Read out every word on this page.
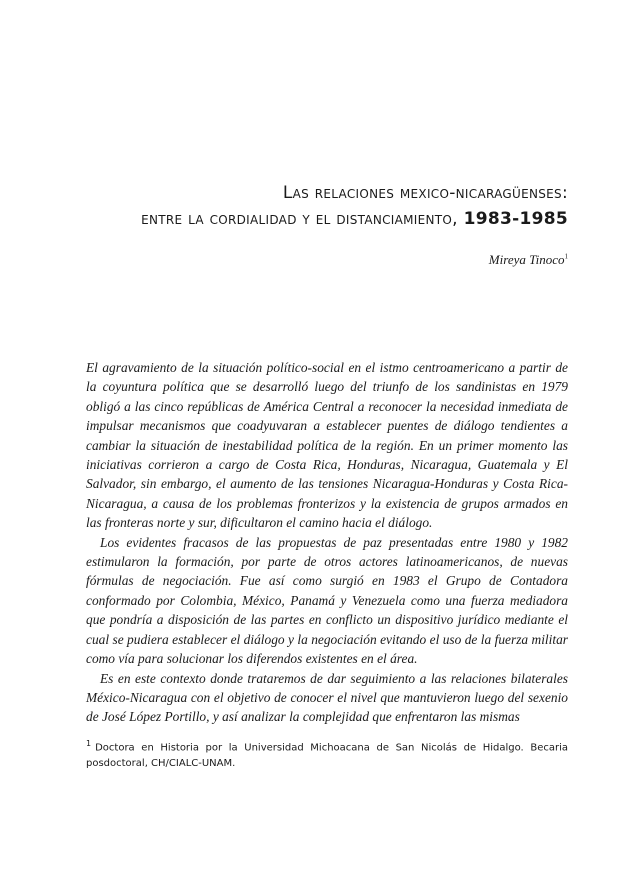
Las relaciones mexico-nicaragüenses:
entre la cordialidad y el distanciamiento, 1983-1985
Mireya Tinoco$^1$

El agravamiento de la situación político-social en el istmo centroamericano a partir de la coyuntura política que se desarrolló luego del triunfo de los sandinistas en 1979 obligó a las cinco repúblicas de América Central a reconocer la necesidad inmediata de impulsar mecanismos que coadyuvaran a establecer puentes de diálogo tendientes a cambiar la situación de inestabilidad política de la región. En un primer momento las iniciativas corrieron a cargo de Costa Rica, Honduras, Nicaragua, Guatemala y El Salvador, sin embargo, el aumento de las tensiones Nicaragua-Honduras y Costa Rica-Nicaragua, a causa de los problemas fronterizos y la existencia de grupos armados en las fronteras norte y sur, dificultaron el camino hacia el diálogo.

Los evidentes fracasos de las propuestas de paz presentadas entre 1980 y 1982 estimularon la formación, por parte de otros actores latinoamericanos, de nuevas fórmulas de negociación. Fue así como surgió en 1983 el Grupo de Contadora conformado por Colombia, México, Panamá y Venezuela como una fuerza mediadora que pondría a disposición de las partes en conflicto un dispositivo jurídico mediante el cual se pudiera establecer el diálogo y la negociación evitando el uso de la fuerza militar como vía para solucionar los diferendos existentes en el área.

Es en este contexto donde trataremos de dar seguimiento a las relaciones bilaterales México-Nicaragua con el objetivo de conocer el nivel que mantuvieron luego del sexenio de José López Portillo, y así analizar la complejidad que enfrentaron las mismas

$^1$ Doctora en Historia por la Universidad Michoacana de San Nicolás de Hidalgo. Becaria posdoctoral, CH/CIALC-UNAM.
